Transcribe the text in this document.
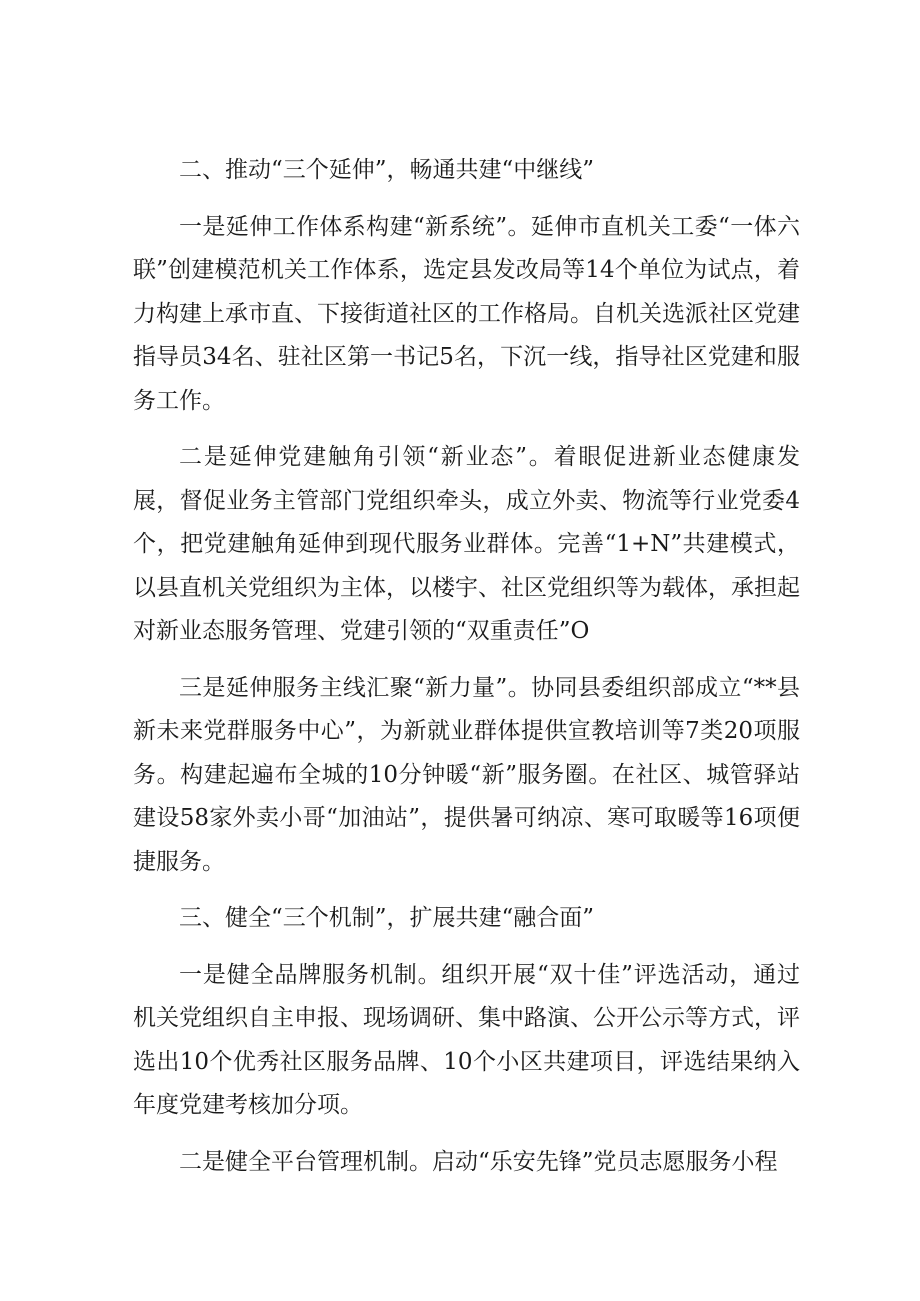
二、推动“三个延伸”，畅通共建“中继线”

一是延伸工作体系构建“新系统”。延伸市直机关工委“一体六联”创建模范机关工作体系，选定县发改局等14个单位为试点，着力构建上承市直、下接街道社区的工作格局。自机关选派社区党建指导员34名、驻社区第一书记5名，下沉一线，指导社区党建和服务工作。

二是延伸党建触角引领“新业态”。着眼促进新业态健康发展，督促业务主管部门党组织牵头，成立外卖、物流等行业党委4个，把党建触角延伸到现代服务业群体。完善“1+N”共建模式，以县直机关党组织为主体，以楼宇、社区党组织等为载体，承担起对新业态服务管理、党建引领的“双重责任”O

三是延伸服务主线汇聚“新力量”。协同县委组织部成立“**县新未来党群服务中心”，为新就业群体提供宣教培训等7类20项服务。构建起遍布全城的10分钟暖“新”服务圈。在社区、城管驿站建设58家外卖小哥“加油站”，提供暑可纳凉、寒可取暖等16项便捷服务。

三、健全“三个机制”，扩展共建“融合面”

一是健全品牌服务机制。组织开展“双十佳”评选活动，通过机关党组织自主申报、现场调研、集中路演、公开公示等方式，评选出10个优秀社区服务品牌、10个小区共建项目，评选结果纳入年度党建考核加分项。

二是健全平台管理机制。启动“乐安先锋”党员志愿服务小程
